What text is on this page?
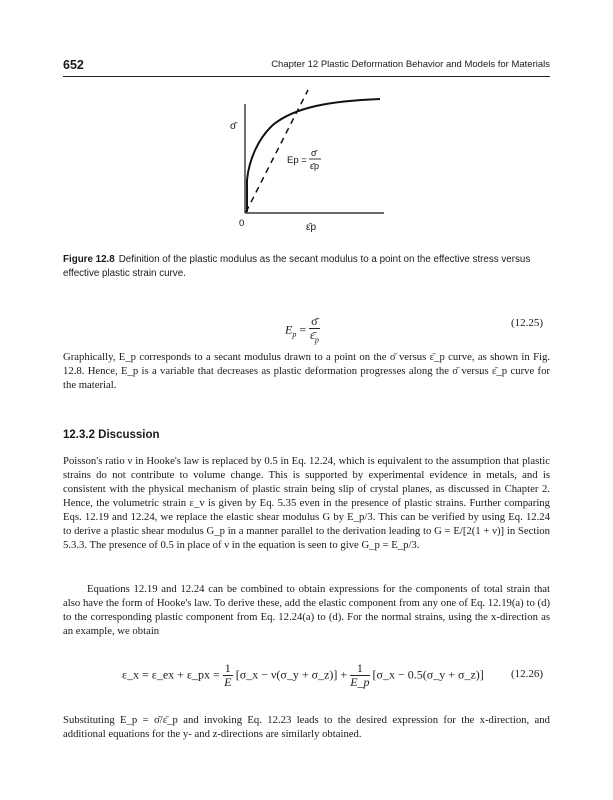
652	Chapter 12 Plastic Deformation Behavior and Models for Materials
σ̄
0	ε̄p
Ep =
σ̄
ε̄p
Figure 12.8 Definition of the plastic modulus as the secant modulus to a point on the effective stress versus effective plastic strain curve.
$E_p = \frac{\sigmā}{\varepsilon̄_p}$	(12.25)

Graphically, E_p corresponds to a secant modulus drawn to a point on the σ̄ versus ε̄_p curve, as shown in Fig. 12.8. Hence, E_p is a variable that decreases as plastic deformation progresses along the σ̄ versus ε̄_p curve for the material.

12.3.2 Discussion

Poisson's ratio ν in Hooke's law is replaced by 0.5 in Eq. 12.24, which is equivalent to the assumption that plastic strains do not contribute to volume change. This is supported by experimental evidence in metals, and is consistent with the physical mechanism of plastic strain being slip of crystal planes, as discussed in Chapter 2. Hence, the volumetric strain ε_v is given by Eq. 5.35 even in the presence of plastic strains. Further comparing Eqs. 12.19 and 12.24, we replace the elastic shear modulus G by E_p/3. This can be verified by using Eq. 12.24 to derive a plastic shear modulus G_p in a manner parallel to the derivation leading to G = E/[2(1 + ν)] in Section 5.3.3. The presence of 0.5 in place of ν in the equation is seen to give G_p = E_p/3.

Equations 12.19 and 12.24 can be combined to obtain expressions for the components of total strain that also have the form of Hooke's law. To derive these, add the elastic component from any one of Eq. 12.19(a) to (d) to the corresponding plastic component from Eq. 12.24(a) to (d). For the normal strains, using the x-direction as an example, we obtain

ε_x = ε_ex + ε_px = $\frac{1}{E}$ [σ_x − ν(σ_y + σ_z)] + $\frac{1}{E\_p}$ [σ_x − 0.5(σ_y + σ_z)] (12.26)

Substituting E_p = σ̄/ε̄_p and invoking Eq. 12.23 leads to the desired expression for the x-direction, and additional equations for the y- and z-directions are similarly obtained.
